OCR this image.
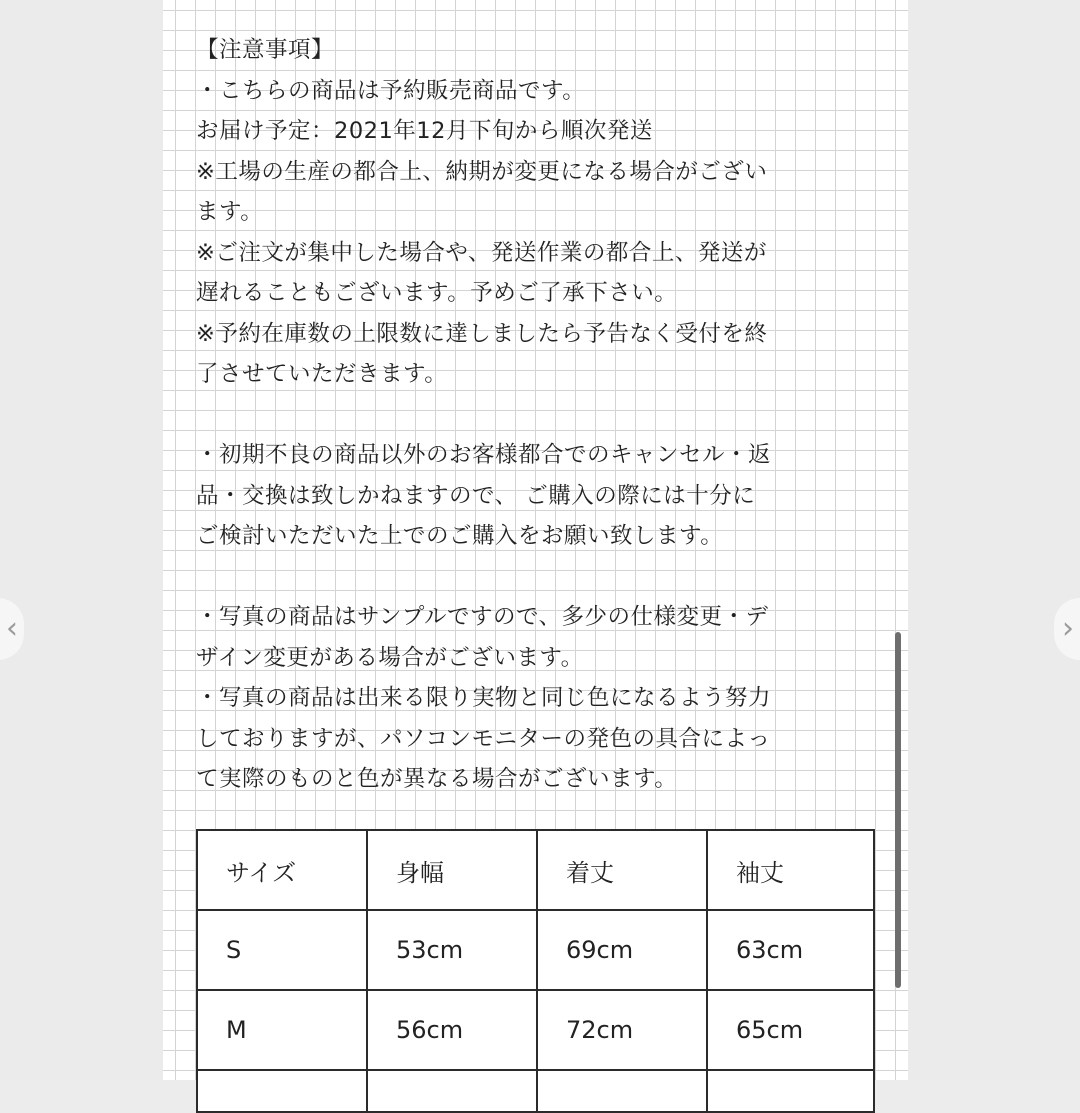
‹	›

【注意事項】

・こちらの商品は予約販売商品です。

お届け予定：2021年12月下旬から順次発送

※工場の生産の都合上、納期が変更になる場合がござい

ます。

※ご注文が集中した場合や、発送作業の都合上、発送が

遅れることもございます。予めご了承下さい。

※予約在庫数の上限数に達しましたら予告なく受付を終

了させていただきます。

・初期不良の商品以外のお客様都合でのキャンセル・返

品・交換は致しかねますので、 ご購入の際には十分に

ご検討いただいた上でのご購入をお願い致します。

・写真の商品はサンプルですので、多少の仕様変更・デ

ザイン変更がある場合がございます。

・写真の商品は出来る限り実物と同じ色になるよう努力

しておりますが、パソコンモニターの発色の具合によっ

て実際のものと色が異なる場合がございます。

サイズ	身幅	着丈	袖丈
S	53cm	69cm	63cm
M	56cm	72cm	65cm
